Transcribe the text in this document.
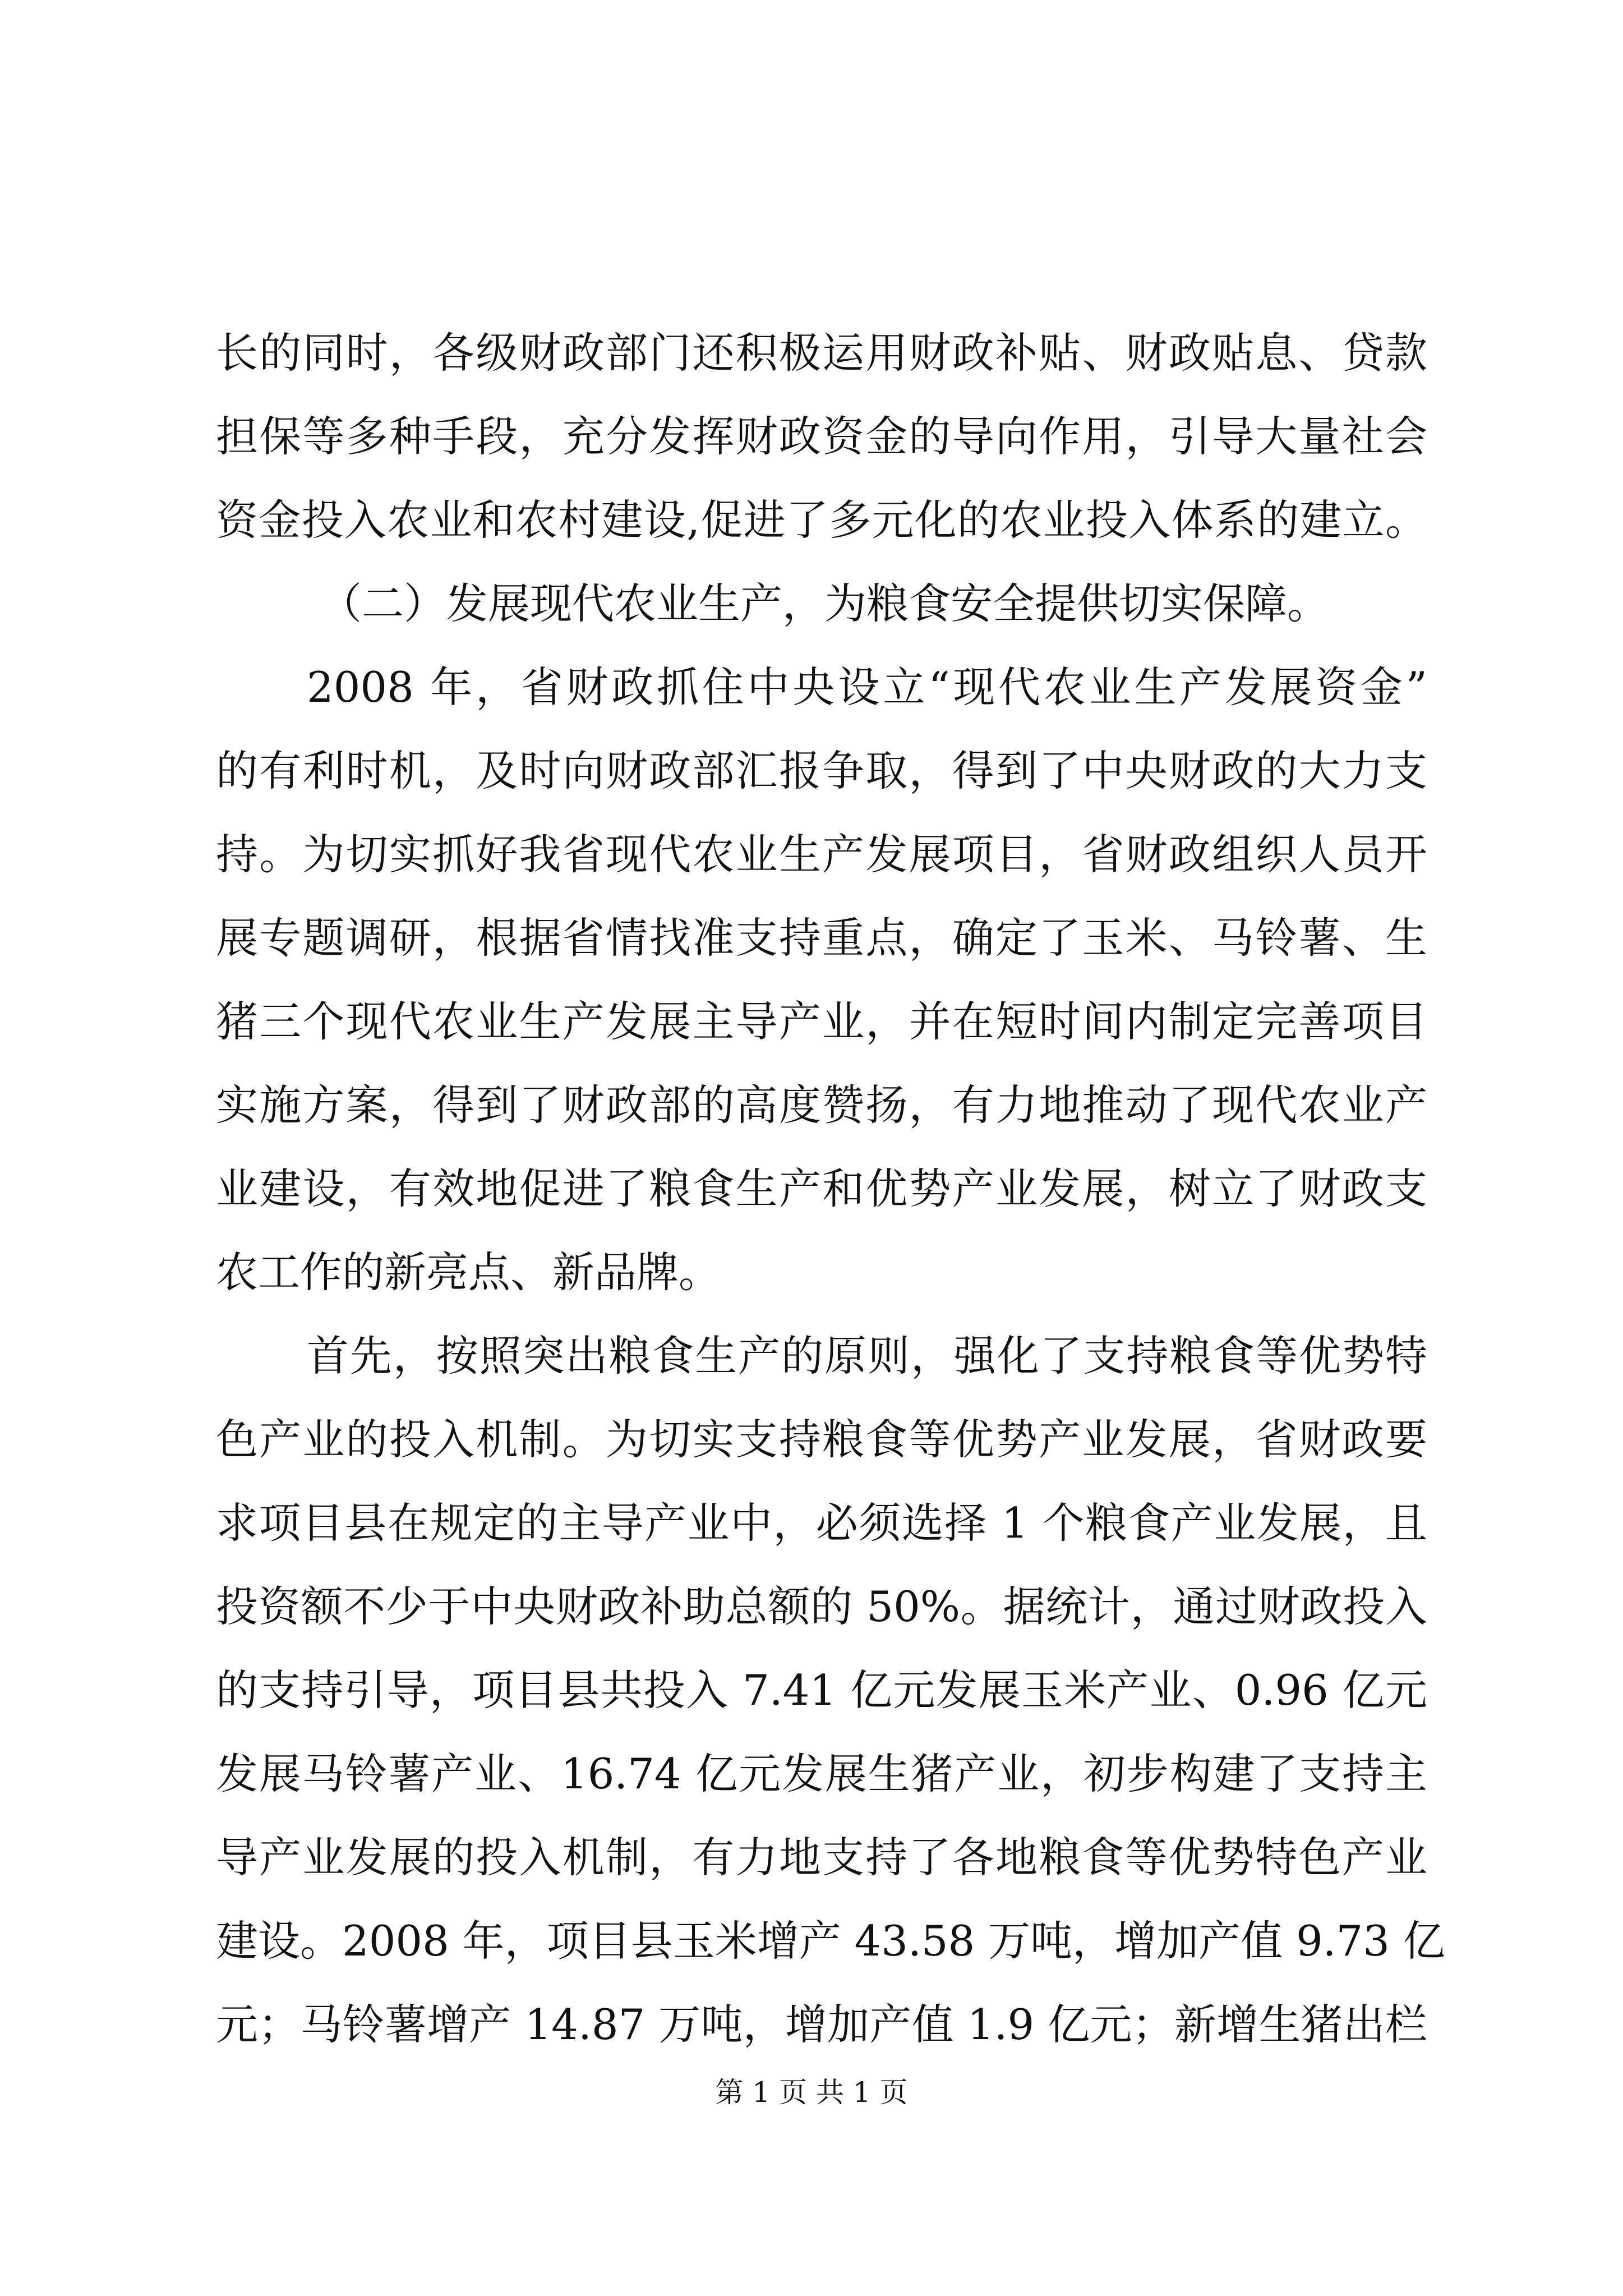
长的同时，各级财政部门还积极运用财政补贴、财政贴息、贷款
担保等多种手段，充分发挥财政资金的导向作用，引导大量社会
资金投入农业和农村建设,促进了多元化的农业投入体系的建立。
（二）发展现代农业生产，为粮食安全提供切实保障。
2008 年，省财政抓住中央设立“现代农业生产发展资金”
的有利时机，及时向财政部汇报争取，得到了中央财政的大力支
持。为切实抓好我省现代农业生产发展项目，省财政组织人员开
展专题调研，根据省情找准支持重点，确定了玉米、马铃薯、生
猪三个现代农业生产发展主导产业，并在短时间内制定完善项目
实施方案，得到了财政部的高度赞扬，有力地推动了现代农业产
业建设，有效地促进了粮食生产和优势产业发展，树立了财政支
农工作的新亮点、新品牌。
首先，按照突出粮食生产的原则，强化了支持粮食等优势特
色产业的投入机制。为切实支持粮食等优势产业发展，省财政要
求项目县在规定的主导产业中，必须选择 1 个粮食产业发展，且
投资额不少于中央财政补助总额的 50%。据统计，通过财政投入
的支持引导，项目县共投入 7.41 亿元发展玉米产业、0.96 亿元
发展马铃薯产业、16.74 亿元发展生猪产业，初步构建了支持主
导产业发展的投入机制，有力地支持了各地粮食等优势特色产业
建设。2008 年，项目县玉米增产 43.58 万吨，增加产值 9.73 亿
元；马铃薯增产 14.87 万吨，增加产值 1.9 亿元；新增生猪出栏
第 1 页 共 1 页
